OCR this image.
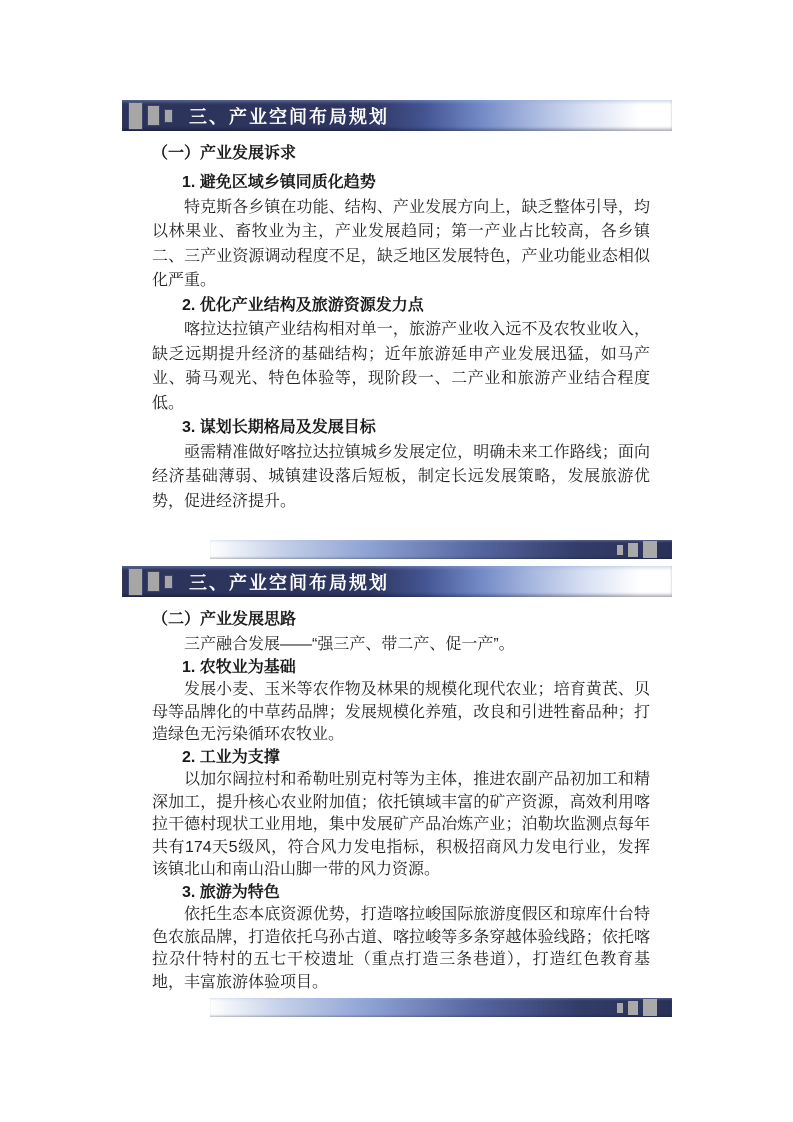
三、产业空间布局规划

（一）产业发展诉求

1. 避免区域乡镇同质化趋势

特克斯各乡镇在功能、结构、产业发展方向上，缺乏整体引导，均以林果业、畜牧业为主，产业发展趋同；第一产业占比较高，各乡镇二、三产业资源调动程度不足，缺乏地区发展特色，产业功能业态相似化严重。

2. 优化产业结构及旅游资源发力点

喀拉达拉镇产业结构相对单一，旅游产业收入远不及农牧业收入，缺乏远期提升经济的基础结构；近年旅游延申产业发展迅猛，如马产业、骑马观光、特色体验等，现阶段一、二产业和旅游产业结合程度低。

3. 谋划长期格局及发展目标

亟需精准做好喀拉达拉镇城乡发展定位，明确未来工作路线；面向经济基础薄弱、城镇建设落后短板，制定长远发展策略，发展旅游优势，促进经济提升。

三、产业空间布局规划

（二）产业发展思路

三产融合发展——“强三产、带二产、促一产”。

1. 农牧业为基础

发展小麦、玉米等农作物及林果的规模化现代农业；培育黄芪、贝母等品牌化的中草药品牌；发展规模化养殖，改良和引进牲畜品种；打造绿色无污染循环农牧业。

2. 工业为支撑

以加尔阔拉村和希勒吐别克村等为主体，推进农副产品初加工和精深加工，提升核心农业附加值；依托镇域丰富的矿产资源，高效利用喀拉干德村现状工业用地，集中发展矿产品冶炼产业；泊勒坎监测点每年共有174天5级风，符合风力发电指标，积极招商风力发电行业，发挥该镇北山和南山沿山脚一带的风力资源。

3. 旅游为特色

依托生态本底资源优势，打造喀拉峻国际旅游度假区和琼库什台特色农旅品牌，打造依托乌孙古道、喀拉峻等多条穿越体验线路；依托喀拉尕什特村的五七干校遗址（重点打造三条巷道），打造红色教育基地，丰富旅游体验项目。
